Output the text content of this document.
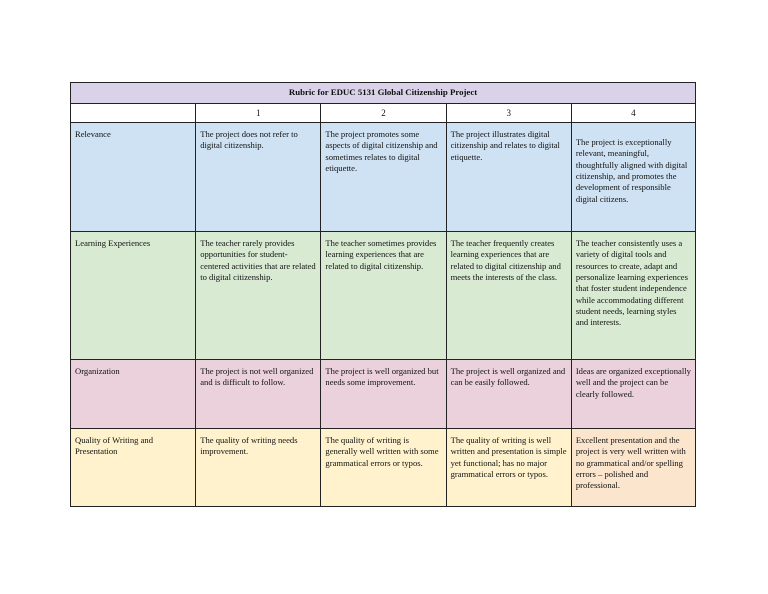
Rubric for EDUC 5131 Global Citizenship Project				
	1	2	3	4
Relevance	The project does not refer to digital citizenship.	The project promotes some aspects of digital citizenship and sometimes relates to digital etiquette.	The project illustrates digital citizenship and relates to digital etiquette.	The project is exceptionally relevant, meaningful, thoughtfully aligned with digital citizenship, and promotes the development of responsible digital citizens.
Learning Experiences	The teacher rarely provides opportunities for student-centered activities that are related to digital citizenship.	The teacher sometimes provides learning experiences that are related to digital citizenship.	The teacher frequently creates learning experiences that are related to digital citizenship and meets the interests of the class.	The teacher consistently uses a variety of digital tools and resources to create, adapt and personalize learning experiences that foster student independence while accommodating different student needs, learning styles and interests.
Organization	The project is not well organized and is difficult to follow.	The project is well organized but needs some improvement.	The project is well organized and can be easily followed.	Ideas are organized exceptionally well and the project can be clearly followed.
Quality of Writing and Presentation	The quality of writing needs improvement.	The quality of writing is generally well written with some grammatical errors or typos.	The quality of writing is well written and presentation is simple yet functional; has no major grammatical errors or typos.	Excellent presentation and the project is very well written with no grammatical and/or spelling errors – polished and professional.
